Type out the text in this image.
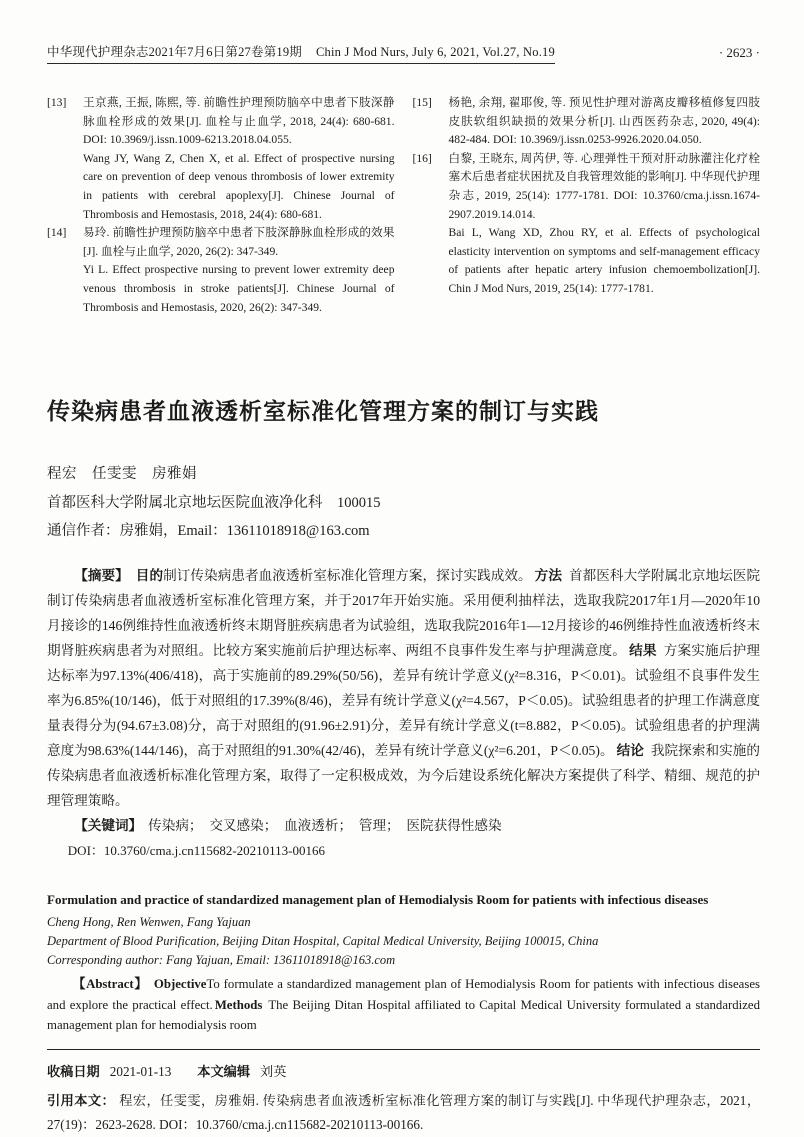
中华现代护理杂志2021年7月6日第27卷第19期 Chin J Mod Nurs, July 6, 2021, Vol.27, No.19	· 2623 ·
[13]	王京燕, 王振, 陈熙, 等. 前瞻性护理预防脑卒中患者下肢深静脉血栓形成的效果[J]. 血栓与止血学, 2018, 24(4): 680-681. DOI: 10.3969/j.issn.1009-6213.2018.04.055.
Wang JY, Wang Z, Chen X, et al. Effect of prospective nursing care on prevention of deep venous thrombosis of lower extremity in patients with cerebral apoplexy[J]. Chinese Journal of Thrombosis and Hemostasis, 2018, 24(4): 680-681.
[14]	易玲. 前瞻性护理预防脑卒中患者下肢深静脉血栓形成的效果[J]. 血栓与止血学, 2020, 26(2): 347-349.
Yi L. Effect prospective nursing to prevent lower extremity deep venous thrombosis in stroke patients[J]. Chinese Journal of Thrombosis and Hemostasis, 2020, 26(2): 347-349.
[15]	杨艳, 余翔, 翟耶俊, 等. 预见性护理对游离皮瓣移植修复四肢皮肤软组织缺损的效果分析[J]. 山西医药杂志, 2020, 49(4): 482-484. DOI: 10.3969/j.issn.0253-9926.2020.04.050.
[16]	白黎, 王晓东, 周芮伊, 等. 心理弹性干预对肝动脉灌注化疗栓塞术后患者症状困扰及自我管理效能的影响[J]. 中华现代护理杂志, 2019, 25(14): 1777-1781. DOI: 10.3760/cma.j.issn.1674-2907.2019.14.014.
Bai L, Wang XD, Zhou RY, et al. Effects of psychological elasticity intervention on symptoms and self-management efficacy of patients after hepatic artery infusion chemoembolization[J]. Chin J Mod Nurs, 2019, 25(14): 1777-1781.
传染病患者血液透析室标准化管理方案的制订与实践
程宏　任雯雯　房雅娟
首都医科大学附属北京地坛医院血液净化科　100015
通信作者：房雅娟，Email：13611018918@163.com

【摘要】 目的制订传染病患者血液透析室标准化管理方案，探讨实践成效。 方法 首都医科大学附属北京地坛医院制订传染病患者血液透析室标准化管理方案，并于2017年开始实施。采用便利抽样法，选取我院2017年1月—2020年10月接诊的146例维持性血液透析终末期肾脏疾病患者为试验组，选取我院2016年1—12月接诊的46例维持性血液透析终末期肾脏疾病患者为对照组。比较方案实施前后护理达标率、两组不良事件发生率与护理满意度。 结果 方案实施后护理达标率为97.13%(406/418)，高于实施前的89.29%(50/56)，差异有统计学意义(χ²=8.316，P＜0.01)。试验组不良事件发生率为6.85%(10/146)，低于对照组的17.39%(8/46)，差异有统计学意义(χ²=4.567，P＜0.05)。试验组患者的护理工作满意度量表得分为(94.67±3.08)分，高于对照组的(91.96±2.91)分，差异有统计学意义(t=8.882，P＜0.05)。试验组患者的护理满意度为98.63%(144/146)，高于对照组的91.30%(42/46)，差异有统计学意义(χ²=6.201，P＜0.05)。 结论 我院探索和实施的传染病患者血液透析标准化管理方案，取得了一定积极成效，为今后建设系统化解决方案提供了科学、精细、规范的护理管理策略。

【关键词】 传染病；　交叉感染；　血液透析；　管理；　医院获得性感染
DOI：10.3760/cma.j.cn115682-20210113-00166
Formulation and practice of standardized management plan of Hemodialysis Room for patients with infectious diseases
Cheng Hong, Ren Wenwen, Fang Yajuan
Department of Blood Purification, Beijing Ditan Hospital, Capital Medical University, Beijing 100015, China
Corresponding author: Fang Yajuan, Email: 13611018918@163.com

【Abstract】 ObjectiveTo formulate a standardized management plan of Hemodialysis Room for patients with infectious diseases and explore the practical effect. Methods The Beijing Ditan Hospital affiliated to Capital Medical University formulated a standardized management plan for hemodialysis room

收稿日期 2021-01-13 本文编辑 刘英
引用本文： 程宏，任雯雯，房雅娟. 传染病患者血液透析室标准化管理方案的制订与实践[J]. 中华现代护理杂志，2021，27(19)：2623-2628. DOI：10.3760/cma.j.cn115682-20210113-00166.
